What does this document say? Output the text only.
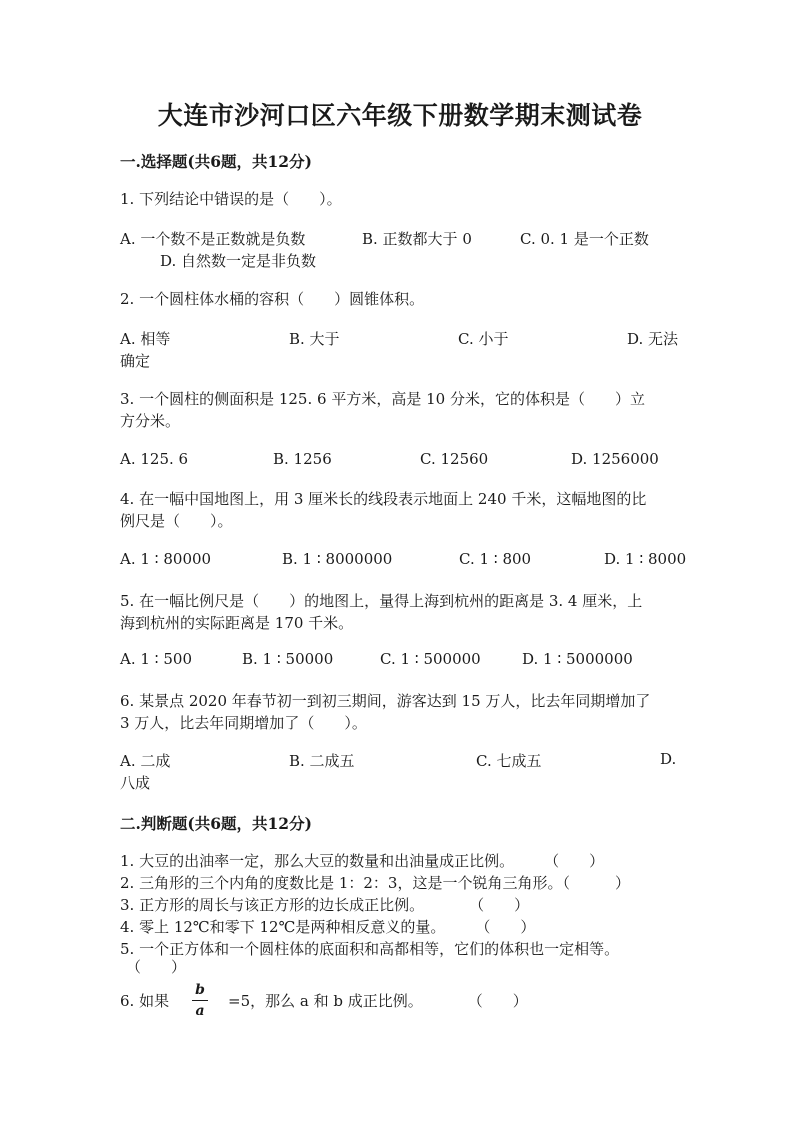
大连市沙河口区六年级下册数学期末测试卷
一.选择题(共6题，共12分)
1. 下列结论中错误的是（　　）。
A. 一个数不是正数就是负数	B. 正数都大于 0	C. 0. 1 是一个正数
D. 自然数一定是非负数
2. 一个圆柱体水桶的容积（　　）圆锥体积。
A. 相等	B. 大于	C. 小于	D. 无法
确定
3. 一个圆柱的侧面积是 125. 6 平方米，高是 10 分米，它的体积是（　　）立
方分米。
A. 125. 6	B. 1256	C. 12560	D. 1256000
4. 在一幅中国地图上，用 3 厘米长的线段表示地面上 240 千米，这幅地图的比
例尺是（　　）。
A. 1 ∶ 80000	B. 1 ∶ 8000000	C. 1 ∶ 800	D. 1 ∶ 8000
5. 在一幅比例尺是（　　）的地图上，量得上海到杭州的距离是 3. 4 厘米，上
海到杭州的实际距离是 170 千米。
A. 1 ∶ 500	B. 1 ∶ 50000	C. 1 ∶ 500000	D. 1 ∶ 5000000
6. 某景点 2020 年春节初一到初三期间，游客达到 15 万人，比去年同期增加了
3 万人，比去年同期增加了（　　）。
A. 二成	B. 二成五	C. 七成五	D.
八成
二.判断题(共6题，共12分)
1. 大豆的出油率一定，那么大豆的数量和出油量成正比例。　　　（　　）
2. 三角形的三个内角的度数比是 1：2：3，这是一个锐角三角形。（　　　）
3. 正方形的周长与该正方形的边长成正比例。　　　　（　　）
4. 零上 12℃和零下 12℃是两种相反意义的量。　　　（　　）
5. 一个正方体和一个圆柱体的底面积和高都相等，它们的体积也一定相等。
（　　）
6. 如果
b
a
=5，那么 a 和 b 成正比例。　　　　（　　）
